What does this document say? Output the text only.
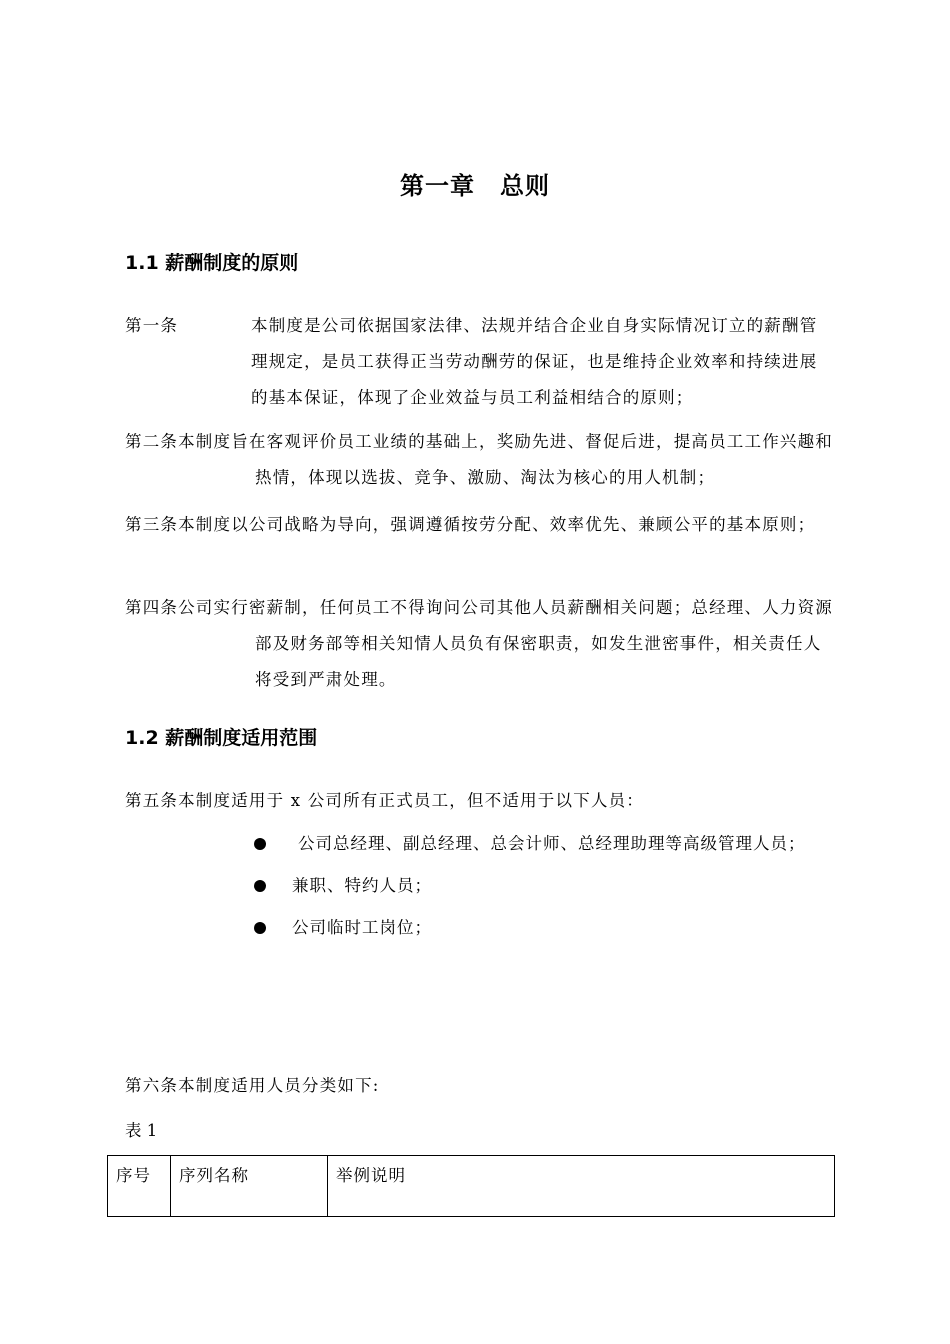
第一章　总则
1.1 薪酬制度的原则
第一条	本制度是公司依据国家法律、法规并结合企业自身实际情况订立的薪酬管理规定，是员工获得正当劳动酬劳的保证，也是维持企业效率和持续进展的基本保证，体现了企业效益与员工利益相结合的原则；
第二条本制度旨在客观评价员工业绩的基础上，奖励先进、督促后进，提高员工工作兴趣和热情，体现以选拔、竞争、激励、淘汰为核心的用人机制；
第三条本制度以公司战略为导向，强调遵循按劳分配、效率优先、兼顾公平的基本原则；
第四条公司实行密薪制，任何员工不得询问公司其他人员薪酬相关问题；总经理、人力资源部及财务部等相关知情人员负有保密职责，如发生泄密事件，相关责任人将受到严肃处理。
1.2 薪酬制度适用范围
第五条本制度适用于 x 公司所有正式员工，但不适用于以下人员：
公司总经理、副总经理、总会计师、总经理助理等高级管理人员；
兼职、特约人员；
公司临时工岗位；
第六条本制度适用人员分类如下:
表 1
序号	序列名称	举例说明
